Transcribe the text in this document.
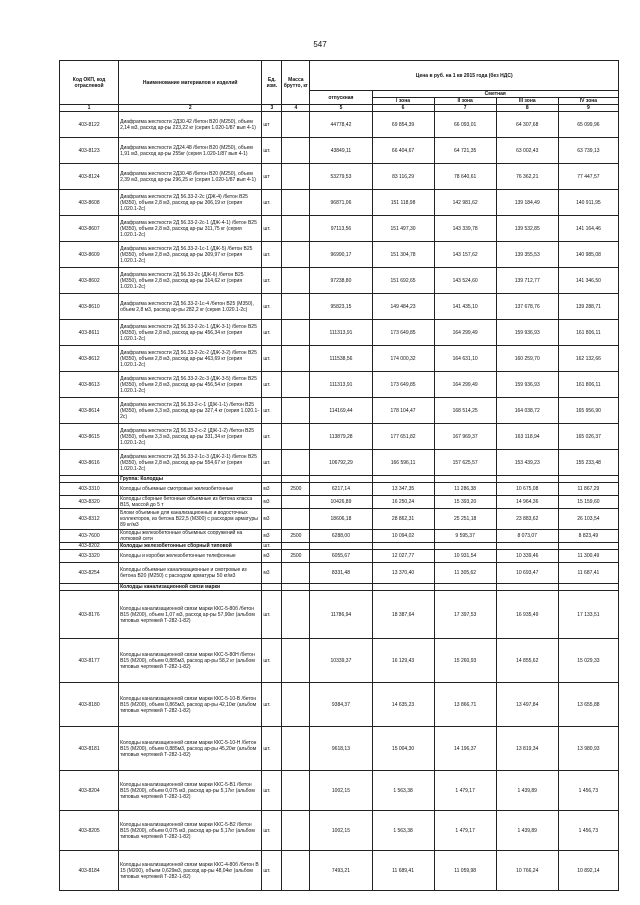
547
Код ОКП, код отраслевой	Наименование материалов и изделий	Ед. изм.	Масса брутто, кг	Цена в руб. на 1 кв 2015 года (без НДС)				
				отпускная	Сметная			
					I зона	II зона	III зона	IV зона
1	2	3	4	5	6	7	8	9
403-8122	Диафрагма жесткости 2Д30.42 /бетон В20 (М250), объем 2,14 м3, расход ар-ры 223,22 кг (серия 1.020-1/87 вып 4-1)	шт		44778,42	69 854,39	66 093,01	64 307,68	65 099,96
403-8123	Диафрагма жесткости 2Д24.48 /бетон В20 (М250), объем 1,91 м3, расход ар-ры 255кг (серия 1.020-1/87 вып 4-1)	шт.		43849,11	66 404,67	64 721,35	63 002,43	63 739,13
403-8124	Диафрагма жесткости 2Д30.48 /бетон В20 (М250), объем 2,39 м3, расход ар-ры 296,25 кг (серия 1.020-1/87 вып 4-1)	шт		53279,53	83 116,29	78 640,61	76 362,21	77 447,57
403-8608	Диафрагма жесткости 2Д 56.33-2-2с (ДЖ-4) /бетон В25 (М350), объем 2,8 м3, расход ар-ры 306,19 кг (серия 1.020.1-2с)	шт.		96871,06	151 118,98	142 981,62	139 184,49	140 911,95
403-8607	Диафрагма жесткости 2Д 56.33-2-2с-1 (ДЖ-4-1) /бетон В25 (М350), объем 2,8 м3, расход ар-ры 311,75 кг (серия 1.020.1-2с)	шт.		97113,56	151 497,30	143 339,78	139 532,85	141 164,46
403-8609	Диафрагма жесткости 2Д 56.33-2-1с-1 (ДЖ-5) /бетон В25 (М350), объем 2,8 м3, расход ар-ры 309,97 кг (серия 1.020.1-2с)	шт.		96990,17	151 304,78	143 157,62	139 355,53	140 985,08
403-8602	Диафрагма жесткости 2Д 56.33-2с (ДЖ-6) /бетон В25 (М350), объем 2,8 м3, расход ар-ры 314,62 кг (серия 1.020.1-2с)	шт.		97238,80	151 692,65	143 524,60	139 712,77	141 346,50
403-8610	Диафрагма жесткости 2Д 56.33-2-1с-4 /бетон В25 (М350), объем 2,8 м3, расход ар-ры 282,2 кг (серия 1.020.1-2с)	шт.		95823,15	149 484,23	141 435,10	137 678,76	139 288,71
403-8611	Диафрагма жесткости 2Д 56.33-2-2с-1 (ДЖ-3-1) /бетон В25 (М350), объем 2,8 м3, расход ар-ры 456,34 кг (серия 1.020.1-2с)	шт.		111313,91	173 649,85	164 299,49	159 936,93	161 806,11
403-8612	Диафрагма жесткости 2Д 56.33-2-2с-2 (ДЖ-3-2) /бетон В25 (М350), объем 2,8 м3, расход ар-ры 463,69 кг (серия 1.020.1-2с)	шт.		111538,56	174 000,32	164 631,10	160 259,70	162 132,66
403-8613	Диафрагма жесткости 2Д 56.33-2-2с-3 (ДЖ-3-5) /бетон В25 (М350), объем 2,8 м3, расход ар-ры 456,54 кг (серия 1.020.1-2с)	шт.		111313,91	173 649,85	164 299,49	159 936,93	161 806,11
403-8614	Диафрагма жесткости 2Д 56.33-2-с-1 (ДЖ-1-1) /бетон В25 (М350), объем 3,3 м3, расход ар-ры 327,4 кг (серия 1.020.1-2с)	шт.		114169,44	178 104,47	168 514,25	164 038,72	165 956,90
403-8615	Диафрагма жесткости 2Д 56.33-2-с-2 (ДЖ-1-2) /бетон В25 (М350), объем 3,3 м3, расход ар-ры 331,34 кг (серия 1.020.1-2с)	шт.		113879,28	177 651,82	167 969,37	163 118,94	165 026,37
403-8616	Диафрагма жесткости 2Д 56.33-2-1с-3 (ДЖ-2-1) /бетон В25 (М350), объем 2,8 м3, расход ар-ры 554,67 кг (серия 1.020.1-2с)	шт.		106792,29	166 596,11	157 625,57	153 439,23	155 233,48
	Группа: Колодцы							
403-3310	Колодцы объемные смотровые железобетонные	м3	2500	6217,14	13 347,35	11 286,38	10 675,08	11 867,29
403-8320	Колодцы сборные бетонные объемные из бетона класса В15, массой до 5 т	м3		10426,89	16 250,24	15 393,20	14 964,36	15 159,60
403-8312	Блоки объемные для канализационных и водосточных коллекторов, из бетона В22,5 (М300) с расходом арматуры 89 кг/м3	м3		18606,18	28 862,31	25 251,18	23 883,62	26 103,54
403-7600	Колодцы железобетонные объемных сооружений на лотковой сети	м3	2500	6288,00	10 094,02	9 595,37	8 073,07	8 823,49
403-8202	Колодцы железобетонные сборный типовой	шт.						
403-3320	Колодцы и коробки железобетонные телефонные	м3	2500	6055,67	12 027,77	10 931,54	10 339,46	11 300,49
403-8254	Колодцы объемные канализационные и смотровые из бетона В20 (М250) с расходом арматуры 50 кг/м3	м3		8331,48	13 370,40	11 305,62	10 693,47	11 687,41
	Колодцы канализационной связи марки							
403-8176	Колодцы канализационной связи марки ККС-5-80б /бетон В15 (М200), объем 1,07 м3, расход ар-ры 57,90кг (альбом типовых чертежей Т-282-1-82)	шт.		11786,94	18 387,64	17 397,53	16 935,49	17 133,51
403-8177	Колодцы канализационной связи марки ККС-5-80Н /бетон В15 (М200), объем 0,885м3, расход ар-ры 58,2 кг (альбом типовых чертежей Т-282-1-82)	шт.		10339,37	16 129,43	15 260,93	14 855,62	15 029,33
403-8180	Колодцы канализационной связи марки ККС-5-10-В /бетон В15 (М200), объем 0,865м3, расход ар-ры 42,10кг (альбом типовых чертежей Т-282-1-82)	шт.		9384,37	14 635,23	13 866,71	13 497,84	13 655,88
403-8181	Колодцы канализационной связи марки ККС-5-10-Н /бетон В15 (М200), объем 0,885м3, расход ар-ры 45,20кг (альбом типовых чертежей Т-282-1-82)	шт.		9618,13	15 004,30	14 196,37	13 819,34	13 980,93
403-8204	Колодцы канализационной связи марки ККС-5-В1 /бетон В15 (М200), объем 0,075 м3, расход ар-ры 5,17кг (альбом типовых чертежей Т-282-1-82)	шт.		1002,15	1 563,38	1 479,17	1 439,89	1 456,73
403-8205	Колодцы канализационной связи марки ККС-5-В2 /бетон В15 (М200), объем 0,075 м3, расход ар-ры 5,17кг (альбом типовых чертежей Т-282-1-82)	шт.		1002,15	1 563,38	1 479,17	1 439,89	1 456,73
403-8184	Колодцы канализационной связи марки ККС-4-80б /бетон В 15 (М200), объем 0,629м3, расход ар-ры 48,04кг (альбом типовых чертежей Т-282-1-82)	шт.		7493,21	11 689,41	11 059,98	10 766,24	10 892,14
